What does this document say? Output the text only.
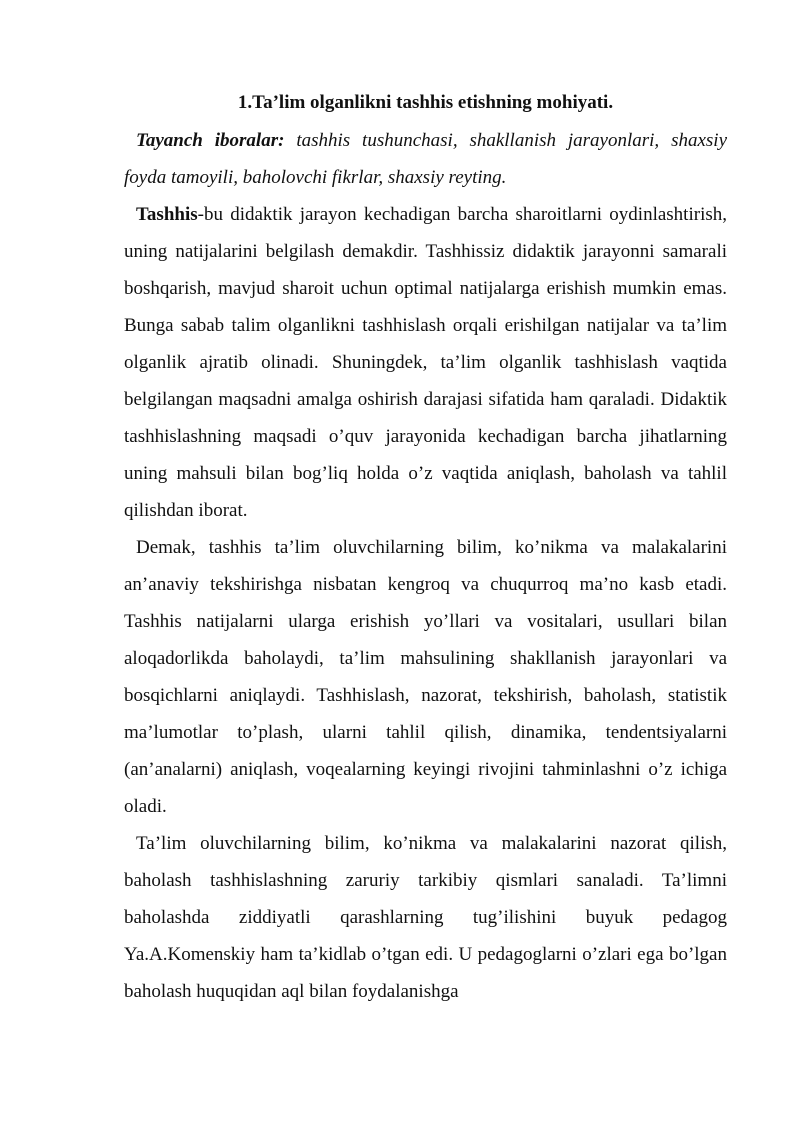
1.Ta’lim olganlikni tashhis etishning mohiyati.

Tayanch iboralar: tashhis tushunchasi, shakllanish jarayonlari, shaxsiy foyda tamoyili, baholovchi fikrlar, shaxsiy reyting.

Tashhis-bu didaktik jarayon kechadigan barcha sharoitlarni oydinlashtirish, uning natijalarini belgilash demakdir. Tashhissiz didaktik jarayonni samarali boshqarish, mavjud sharoit uchun optimal natijalarga erishish mumkin emas. Bunga sabab talim olganlikni tashhislash orqali erishilgan natijalar va ta’lim olganlik ajratib olinadi. Shuningdek, ta’lim olganlik tashhislash vaqtida belgilangan maqsadni amalga oshirish darajasi sifatida ham qaraladi. Didaktik tashhislashning maqsadi o’quv jarayonida kechadigan barcha jihatlarning uning mahsuli bilan bog’liq holda o’z vaqtida aniqlash, baholash va tahlil qilishdan iborat.

Demak, tashhis ta’lim oluvchilarning bilim, ko’nikma va malakalarini an’anaviy tekshirishga nisbatan kengroq va chuqurroq ma’no kasb etadi. Tashhis natijalarni ularga erishish yo’llari va vositalari, usullari bilan aloqadorlikda baholaydi, ta’lim mahsulining shakllanish jarayonlari va bosqichlarni aniqlaydi. Tashhislash, nazorat, tekshirish, baholash, statistik ma’lumotlar to’plash, ularni tahlil qilish, dinamika, tendentsiyalarni (an’analarni) aniqlash, voqealarning keyingi rivojini tahminlashni o’z ichiga oladi.

Ta’lim oluvchilarning bilim, ko’nikma va malakalarini nazorat qilish, baholash tashhislashning zaruriy tarkibiy qismlari sanaladi. Ta’limni baholashda ziddiyatli qarashlarning tug’ilishini buyuk pedagog Ya.A.Komenskiy ham ta’kidlab o’tgan edi. U pedagoglarni o’zlari ega bo’lgan baholash huquqidan aql bilan foydalanishga
